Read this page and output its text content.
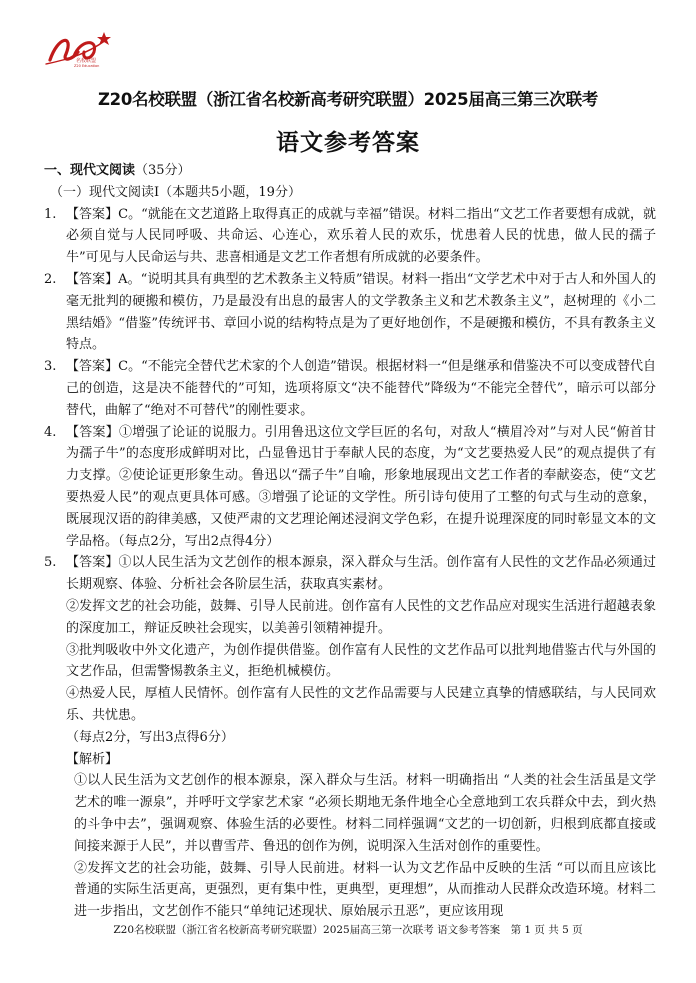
名校联盟
Z20 Education
Z20名校联盟（浙江省名校新高考研究联盟）2025届高三第三次联考
语文参考答案
一、现代文阅读（35分）
（一）现代文阅读Ⅰ（本题共5小题，19分）
1. 【答案】C。“就能在文艺道路上取得真正的成就与幸福”错误。材料二指出“文艺工作者要想有成就，就必须自觉与人民同呼吸、共命运、心连心，欢乐着人民的欢乐，忧患着人民的忧患，做人民的孺子牛”可见与人民命运与共、悲喜相通是文艺工作者想有所成就的必要条件。
2. 【答案】A。“说明其具有典型的艺术教条主义特质”错误。材料一指出“文学艺术中对于古人和外国人的毫无批判的硬搬和模仿，乃是最没有出息的最害人的文学教条主义和艺术教条主义”，赵树理的《小二黑结婚》“借鉴”传统评书、章回小说的结构特点是为了更好地创作，不是硬搬和模仿，不具有教条主义特点。
3. 【答案】C。“不能完全替代艺术家的个人创造”错误。根据材料一“但是继承和借鉴决不可以变成替代自己的创造，这是决不能替代的”可知，选项将原文“决不能替代”降级为“不能完全替代”，暗示可以部分替代，曲解了“绝对不可替代”的刚性要求。
4. 【答案】①增强了论证的说服力。引用鲁迅这位文学巨匠的名句，对敌人“横眉冷对”与对人民“俯首甘为孺子牛”的态度形成鲜明对比，凸显鲁迅甘于奉献人民的态度，为“文艺要热爱人民”的观点提供了有力支撑。②使论证更形象生动。鲁迅以“孺子牛”自喻，形象地展现出文艺工作者的奉献姿态，使“文艺要热爱人民”的观点更具体可感。③增强了论证的文学性。所引诗句使用了工整的句式与生动的意象，既展现汉语的韵律美感，又使严肃的文艺理论阐述浸润文学色彩，在提升说理深度的同时彰显文本的文学品格。（每点2分，写出2点得4分）
5. 【答案】①以人民生活为文艺创作的根本源泉，深入群众与生活。创作富有人民性的文艺作品必须通过长期观察、体验、分析社会各阶层生活，获取真实素材。
②发挥文艺的社会功能，鼓舞、引导人民前进。创作富有人民性的文艺作品应对现实生活进行超越表象的深度加工，辩证反映社会现实，以美善引领精神提升。
③批判吸收中外文化遗产，为创作提供借鉴。创作富有人民性的文艺作品可以批判地借鉴古代与外国的文艺作品，但需警惕教条主义，拒绝机械模仿。
④热爱人民，厚植人民情怀。创作富有人民性的文艺作品需要与人民建立真挚的情感联结，与人民同欢乐、共忧患。
（每点2分，写出3点得6分）
【解析】
①以人民生活为文艺创作的根本源泉，深入群众与生活。材料一明确指出 “人类的社会生活虽是文学艺术的唯一源泉”，并呼吁文学家艺术家 “必须长期地无条件地全心全意地到工农兵群众中去，到火热的斗争中去”，强调观察、体验生活的必要性。材料二同样强调“文艺的一切创新，归根到底都直接或间接来源于人民”，并以曹雪芹、鲁迅的创作为例，说明深入生活对创作的重要性。
②发挥文艺的社会功能，鼓舞、引导人民前进。材料一认为文艺作品中反映的生活 “可以而且应该比普通的实际生活更高，更强烈，更有集中性，更典型，更理想”，从而推动人民群众改造环境。材料二进一步指出，文艺创作不能只“单纯记述现状、原始展示丑恶”，更应该用现
Z20名校联盟（浙江省名校新高考研究联盟）2025届高三第一次联考 语文参考答案　第 1 页 共 5 页
